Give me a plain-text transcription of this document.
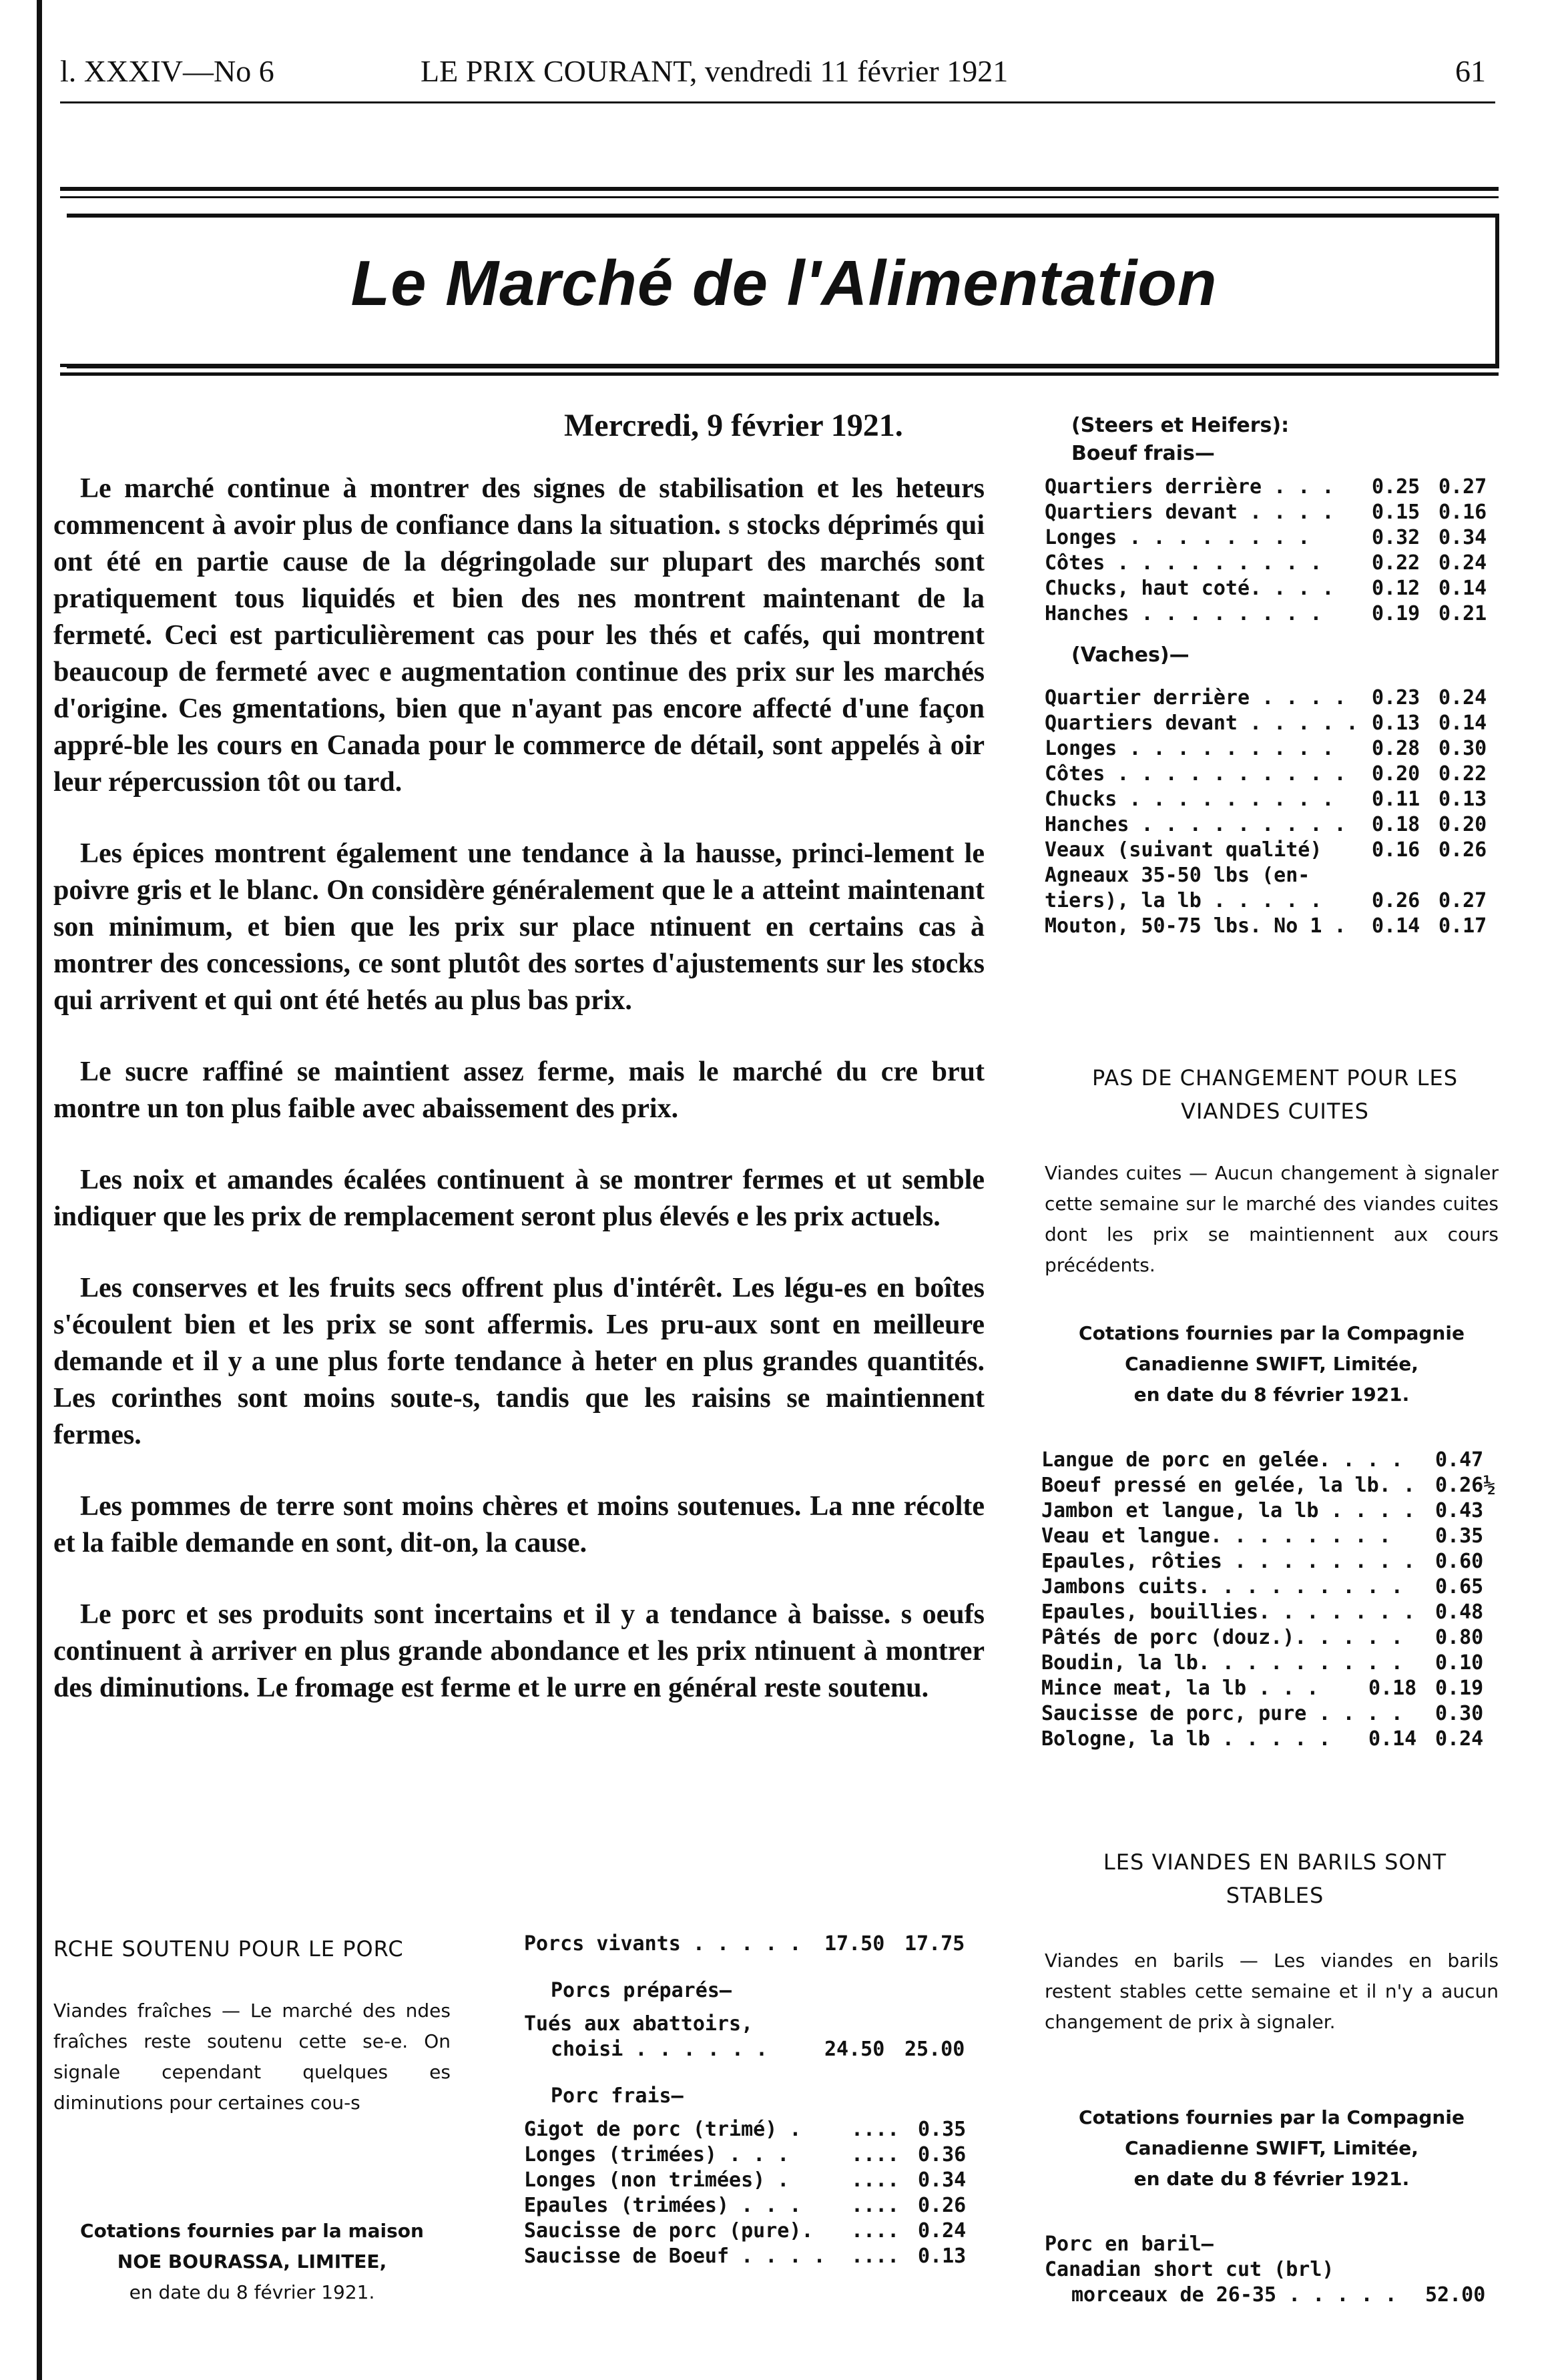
l. XXXIV—No 6	LE PRIX COURANT, vendredi 11 février 1921	61
Le Marché de l'Alimentation
Mercredi, 9 février 1921.

Le marché continue à montrer des signes de stabilisation et les heteurs commencent à avoir plus de confiance dans la situation. s stocks déprimés qui ont été en partie cause de la dégringolade sur plupart des marchés sont pratiquement tous liquidés et bien des nes montrent maintenant de la fermeté. Ceci est particulièrement cas pour les thés et cafés, qui montrent beaucoup de fermeté avec e augmentation continue des prix sur les marchés d'origine. Ces gmentations, bien que n'ayant pas encore affecté d'une façon appré-ble les cours en Canada pour le commerce de détail, sont appelés à oir leur répercussion tôt ou tard.

Les épices montrent également une tendance à la hausse, princi-lement le poivre gris et le blanc. On considère généralement que le a atteint maintenant son minimum, et bien que les prix sur place ntinuent en certains cas à montrer des concessions, ce sont plutôt des sortes d'ajustements sur les stocks qui arrivent et qui ont été hetés au plus bas prix.

Le sucre raffiné se maintient assez ferme, mais le marché du cre brut montre un ton plus faible avec abaissement des prix.

Les noix et amandes écalées continuent à se montrer fermes et ut semble indiquer que les prix de remplacement seront plus élevés e les prix actuels.

Les conserves et les fruits secs offrent plus d'intérêt. Les légu-es en boîtes s'écoulent bien et les prix se sont affermis. Les pru-aux sont en meilleure demande et il y a une plus forte tendance à heter en plus grandes quantités. Les corinthes sont moins soute-s, tandis que les raisins se maintiennent fermes.

Les pommes de terre sont moins chères et moins soutenues. La nne récolte et la faible demande en sont, dit-on, la cause.

Le porc et ses produits sont incertains et il y a tendance à baisse. s oeufs continuent à arriver en plus grande abondance et les prix ntinuent à montrer des diminutions. Le fromage est ferme et le urre en général reste soutenu.

RCHE SOUTENU POUR LE PORC
Viandes fraîches — Le marché des ndes fraîches reste soutenu cette se-e. On signale cependant quelques es diminutions pour certaines cou-s
Cotations fournies par la maison
NOE BOURASSA, LIMITEE,
en date du 8 février 1921.
Porcs vivants . . . . . 17.50 17.75
Porcs préparés—
Tués aux abattoirs,
choisi . . . . . .	24.50 25.00
Porc frais—
Gigot de porc (trimé) . .... 0.35
Longes (trimées) . . .	.... 0.36
Longes (non trimées) .	.... 0.34
Epaules (trimées) . . . .... 0.26
Saucisse de porc (pure). .... 0.24
Saucisse de Boeuf . . . . .... 0.13
(Steers et Heifers):
Boeuf frais—
Quartiers derrière . . . 0.25 0.27
Quartiers devant . . . . 0.15 0.16
Longes . . . . . . . .	0.32 0.34
Côtes . . . . . . . . . 0.22 0.24
Chucks, haut coté. . . . 0.12 0.14
Hanches . . . . . . . . 0.19 0.21
(Vaches)—
Quartier derrière . . . . 0.23 0.24
Quartiers devant . . . . . 0.13 0.14
Longes . . . . . . . . . 0.28 0.30
Côtes . . . . . . . . . . 0.20 0.22
Chucks . . . . . . . . . 0.11 0.13
Hanches . . . . . . . . . 0.18 0.20
Veaux (suivant qualité) 0.16 0.26
Agneaux 35-50 lbs (en-
tiers), la lb . . . . . 0.26 0.27
Mouton, 50-75 lbs. No 1 . 0.14 0.17
PAS DE CHANGEMENT POUR LES
VIANDES CUITES
Viandes cuites — Aucun changement à signaler cette semaine sur le marché des viandes cuites dont les prix se maintiennent aux cours précédents.
Cotations fournies par la Compagnie
Canadienne SWIFT, Limitée,
en date du 8 février 1921.
Langue de porc en gelée. . . . 0.47
Boeuf pressé en gelée, la lb. . 0.26½
Jambon et langue, la lb . . . . 0.43
Veau et langue. . . . . . . . 0.35
Epaules, rôties . . . . . . . . 0.60
Jambons cuits. . . . . . . . . 0.65
Epaules, bouillies. . . . . . . 0.48
Pâtés de porc (douz.). . . . . 0.80
Boudin, la lb. . . . . . . . . 0.10
Mince meat, la lb . . . 0.18 0.19
Saucisse de porc, pure . . . . 0.30
Bologne, la lb . . . . . 0.14 0.24
LES VIANDES EN BARILS SONT
STABLES
Viandes en barils — Les viandes en barils restent stables cette semaine et il n'y a aucun changement de prix à signaler.
Cotations fournies par la Compagnie
Canadienne SWIFT, Limitée,
en date du 8 février 1921.
Porc en baril—
Canadian short cut (brl)
morceaux de 26-35 . . . . . 52.00
